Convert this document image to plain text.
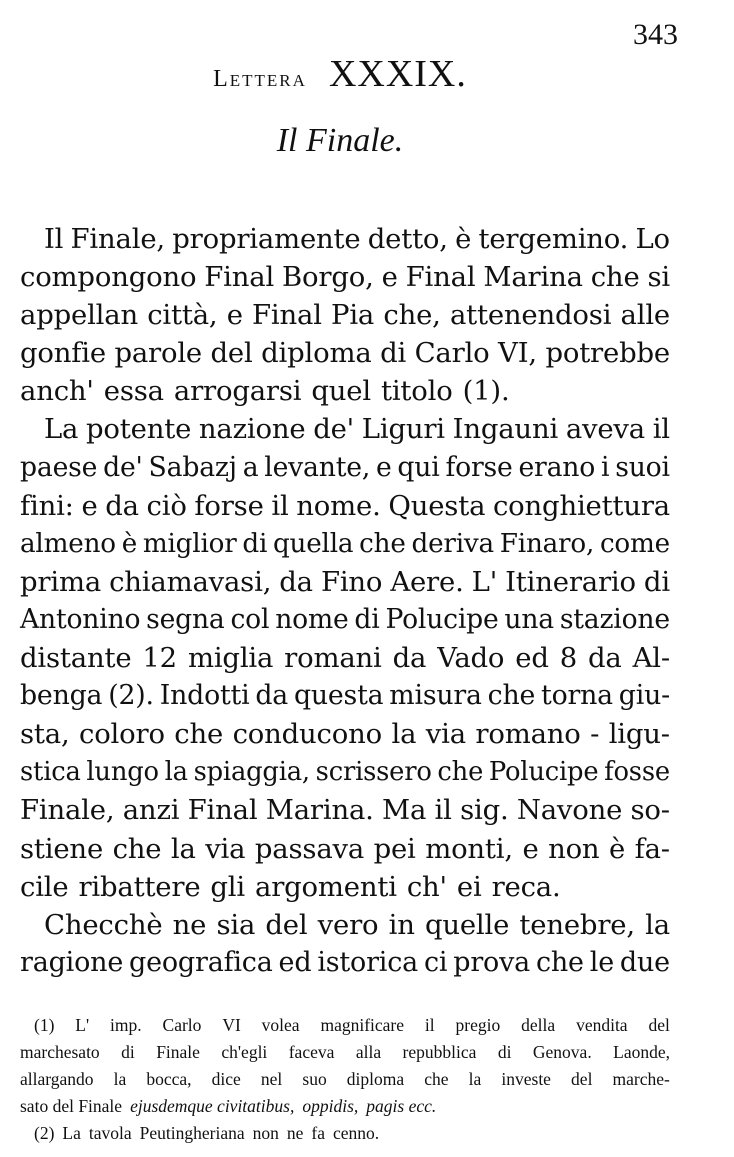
343
Lettera XXXIX.
Il Finale.
Il Finale, propriamente detto, è tergemino. Lo
compongono Final Borgo, e Final Marina che si
appellan città, e Final Pia che, attenendosi alle
gonfie parole del diploma di Carlo VI, potrebbe
anch' essa arrogarsi quel titolo (1).
La potente nazione de' Liguri Ingauni aveva il
paese de' Sabazj a levante, e qui forse erano i suoi
fini: e da ciò forse il nome. Questa conghiettura
almeno è miglior di quella che deriva Finaro, come
prima chiamavasi, da Fino Aere. L' Itinerario di
Antonino segna col nome di Polucipe una stazione
distante 12 miglia romani da Vado ed 8 da Al-
benga (2). Indotti da questa misura che torna giu-
sta, coloro che conducono la via romano - ligu-
stica lungo la spiaggia, scrissero che Polucipe fosse
Finale, anzi Final Marina. Ma il sig. Navone so-
stiene che la via passava pei monti, e non è fa-
cile ribattere gli argomenti ch' ei reca.
Checchè ne sia del vero in quelle tenebre, la
ragione geografica ed istorica ci prova che le due
(1) L' imp. Carlo VI volea magnificare il pregio della vendita del
marchesato di Finale ch'egli faceva alla repubblica di Genova. Laonde,
allargando la bocca, dice nel suo diploma che la investe del marche-
sato del Finale ejusdemque civitatibus, oppidis, pagis ecc.
(2) La tavola Peutingheriana non ne fa cenno.
